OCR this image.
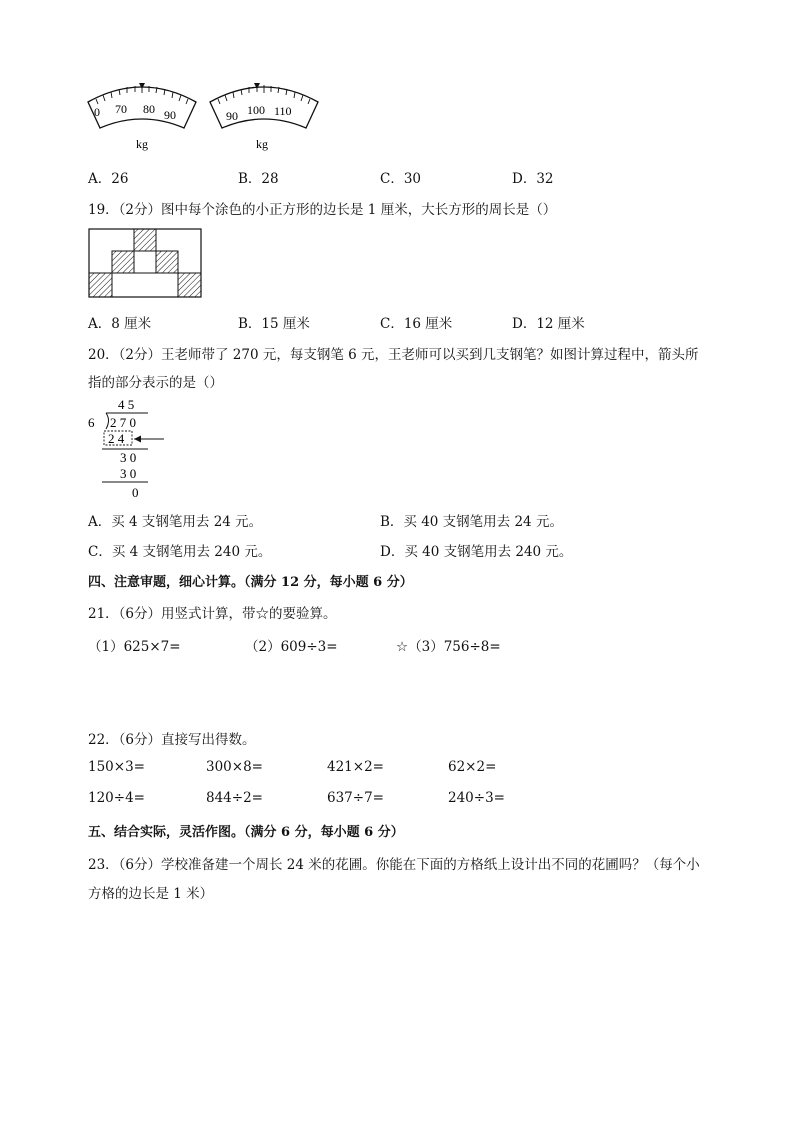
0 70 80 90
kg
90 100 110
kg
A．26	B．28	C．30	D．32
19．（2分）图中每个涂色的小正方形的边长是 1 厘米，大长方形的周长是（）
A．8 厘米	B．15 厘米	C．16 厘米	D．12 厘米
20．（2分）王老师带了 270 元，每支钢笔 6 元，王老师可以买到几支钢笔？如图计算过程中，箭头所
指的部分表示的是（）
4 5
6 2 7 0
2 4
3 0
3 0
0
A．买 4 支钢笔用去 24 元。	B．买 40 支钢笔用去 24 元。
C．买 4 支钢笔用去 240 元。	D．买 40 支钢笔用去 240 元。
四、注意审题，细心计算。（满分 12 分，每小题 6 分）
21．（6分）用竖式计算，带☆的要验算。
（1）625×7=	（2）609÷3=	☆（3）756÷8=
22．（6分）直接写出得数。
150×3=	300×8=	421×2=	62×2=
120÷4=	844÷2=	637÷7=	240÷3=
五、结合实际，灵活作图。（满分 6 分，每小题 6 分）
23．（6分）学校准备建一个周长 24 米的花圃。你能在下面的方格纸上设计出不同的花圃吗？（每个小
方格的边长是 1 米）
